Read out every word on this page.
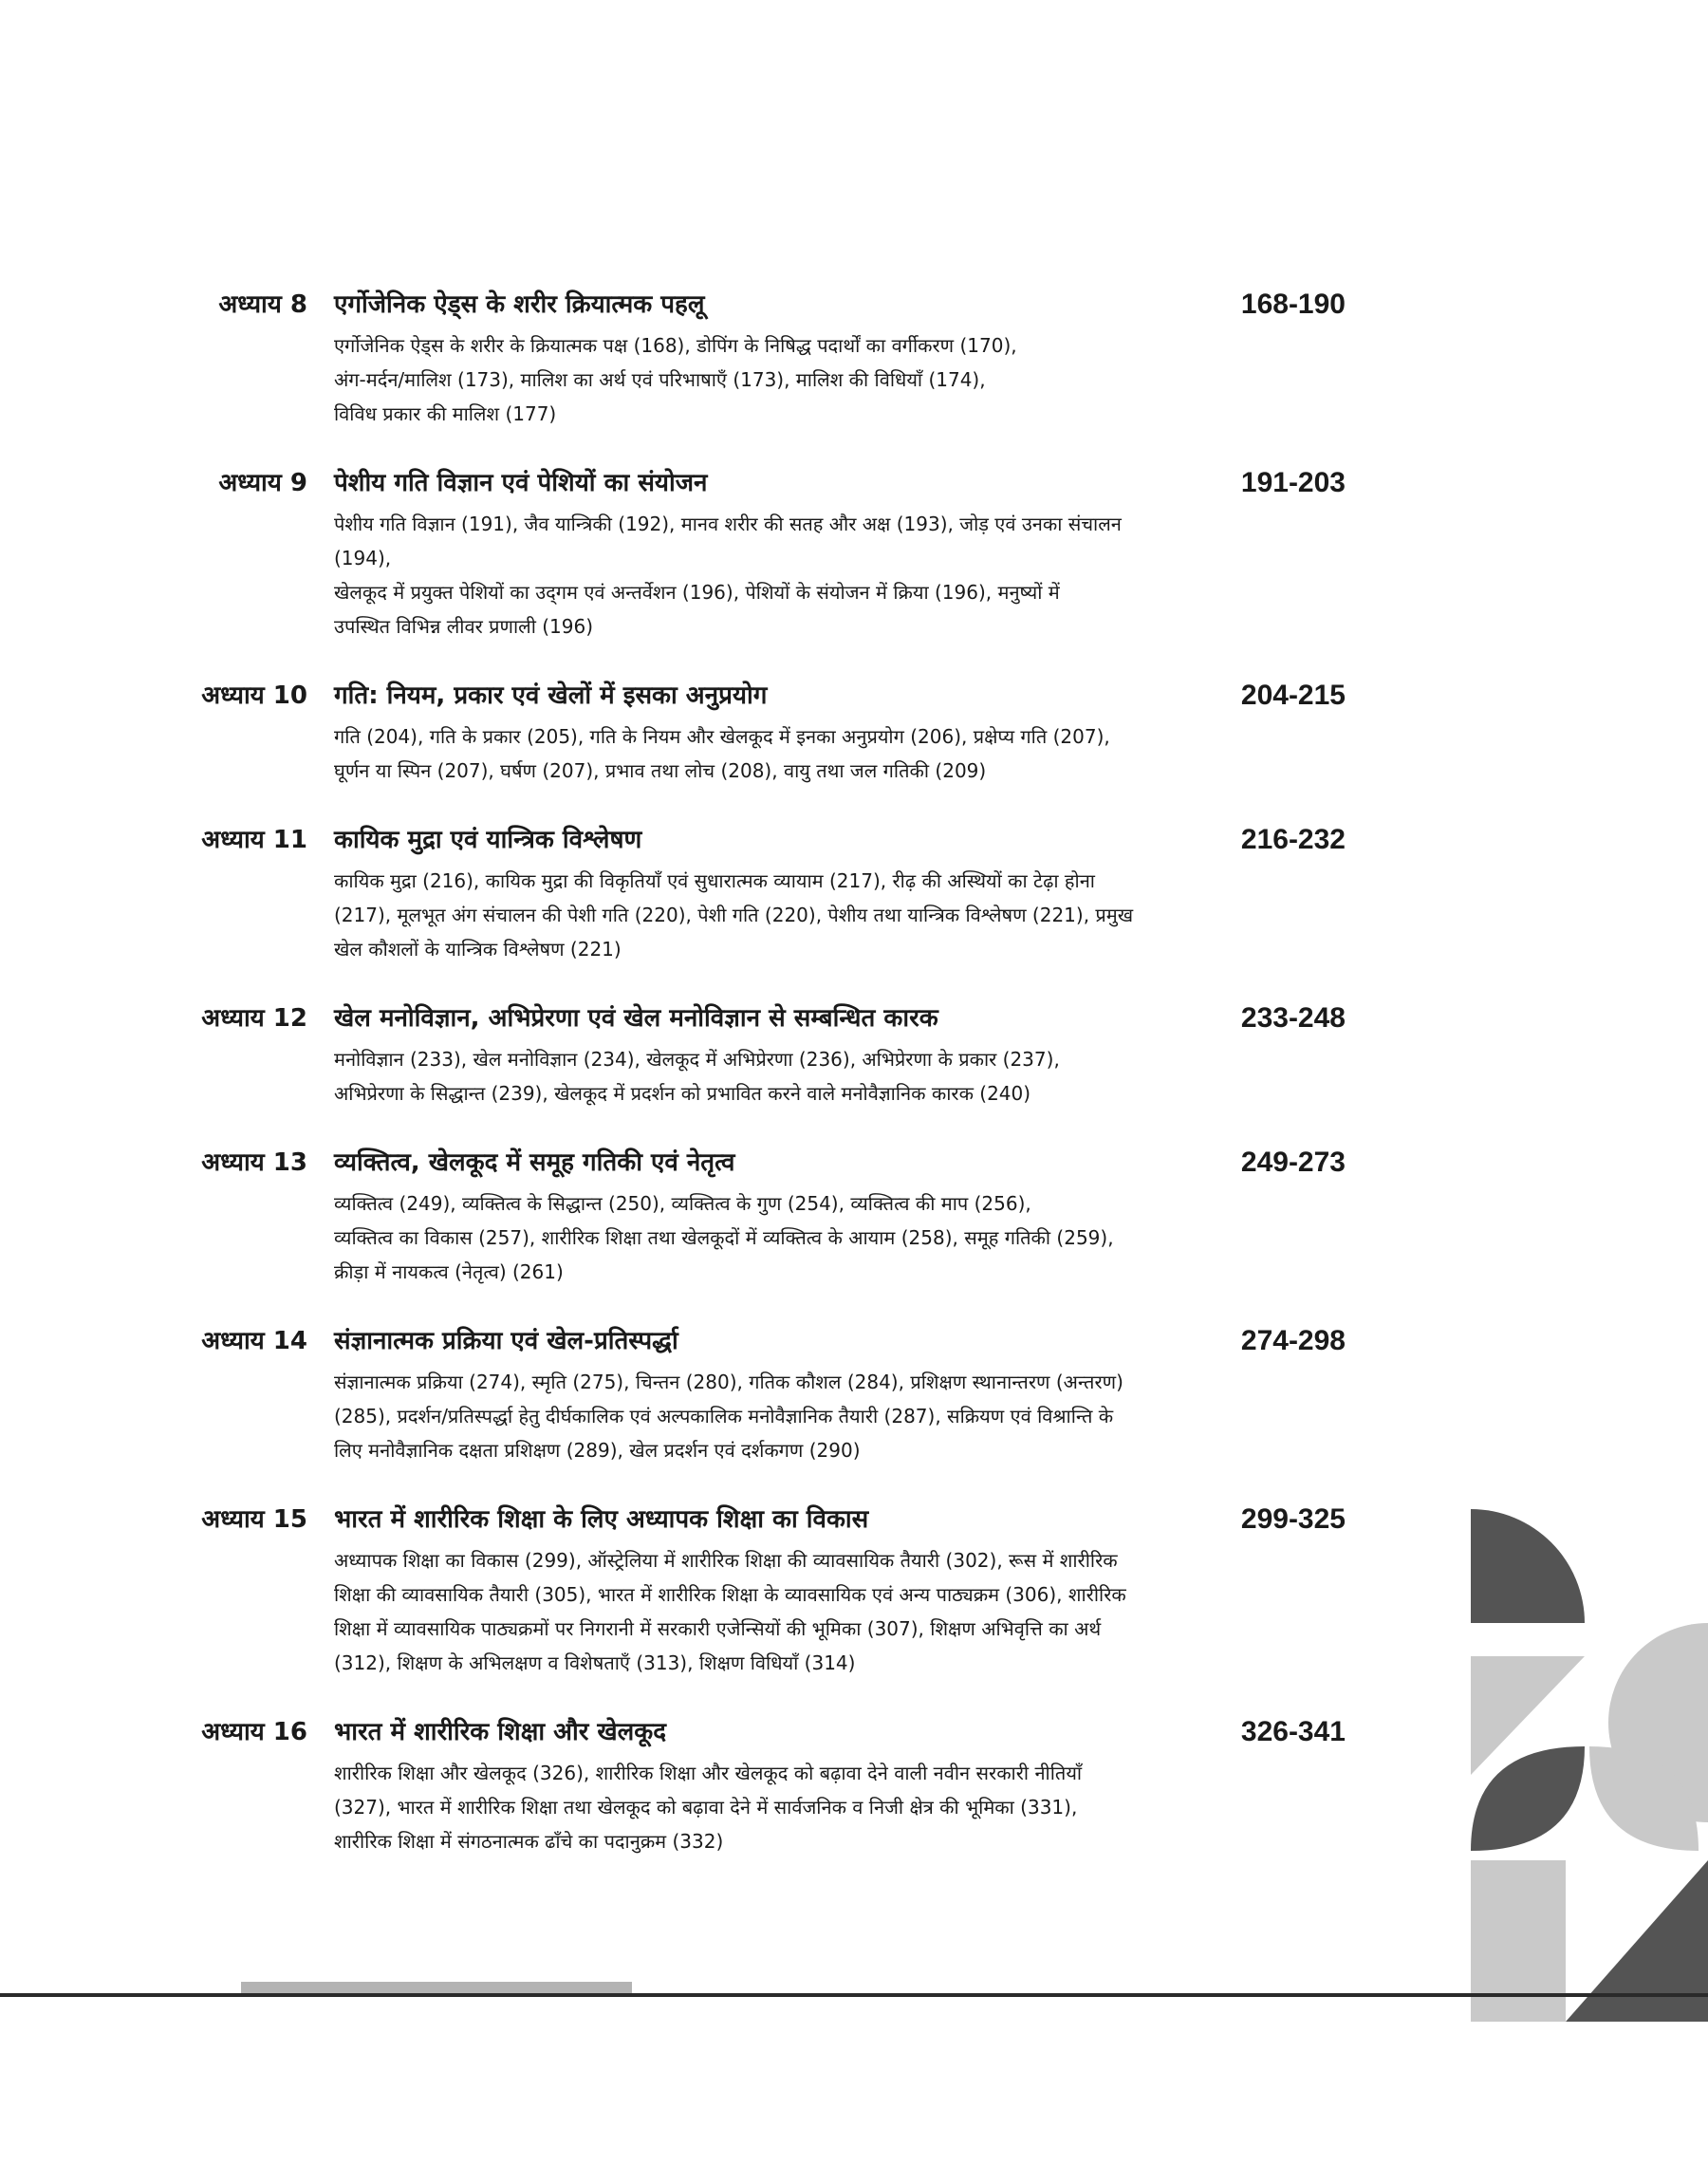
अध्याय 8 एर्गोजेनिक ऐड्स के शरीर क्रियात्मक पहलू	168-190
एर्गोजेनिक ऐड्स के शरीर के क्रियात्मक पक्ष (168), डोपिंग के निषिद्ध पदार्थों का वर्गीकरण (170),
अंग-मर्दन/मालिश (173), मालिश का अर्थ एवं परिभाषाएँ (173), मालिश की विधियाँ (174),
विविध प्रकार की मालिश (177)
अध्याय 9 पेशीय गति विज्ञान एवं पेशियों का संयोजन	191-203
पेशीय गति विज्ञान (191), जैव यान्त्रिकी (192), मानव शरीर की सतह और अक्ष (193), जोड़ एवं उनका संचालन
(194),
खेलकूद में प्रयुक्त पेशियों का उद्‌गम एवं अन्तर्वेशन (196), पेशियों के संयोजन में क्रिया (196), मनुष्यों में
उपस्थित विभिन्न लीवर प्रणाली (196)
अध्याय 10 गति: नियम, प्रकार एवं खेलों में इसका अनुप्रयोग	204-215
गति (204), गति के प्रकार (205), गति के नियम और खेलकूद में इनका अनुप्रयोग (206), प्रक्षेप्य गति (207),
घूर्णन या स्पिन (207), घर्षण (207), प्रभाव तथा लोच (208), वायु तथा जल गतिकी (209)
अध्याय 11 कायिक मुद्रा एवं यान्त्रिक विश्लेषण	216-232
कायिक मुद्रा (216), कायिक मुद्रा की विकृतियाँ एवं सुधारात्मक व्यायाम (217), रीढ़ की अस्थियों का टेढ़ा होना
(217), मूलभूत अंग संचालन की पेशी गति (220), पेशी गति (220), पेशीय तथा यान्त्रिक विश्लेषण (221), प्रमुख
खेल कौशलों के यान्त्रिक विश्लेषण (221)
अध्याय 12 खेल मनोविज्ञान, अभिप्रेरणा एवं खेल मनोविज्ञान से सम्बन्धित कारक	233-248
मनोविज्ञान (233), खेल मनोविज्ञान (234), खेलकूद में अभिप्रेरणा (236), अभिप्रेरणा के प्रकार (237),
अभिप्रेरणा के सिद्धान्त (239), खेलकूद में प्रदर्शन को प्रभावित करने वाले मनोवैज्ञानिक कारक (240)
अध्याय 13 व्यक्तित्व, खेलकूद में समूह गतिकी एवं नेतृत्व	249-273
व्यक्तित्व (249), व्यक्तित्व के सिद्धान्त (250), व्यक्तित्व के गुण (254), व्यक्तित्व की माप (256),
व्यक्तित्व का विकास (257), शारीरिक शिक्षा तथा खेलकूदों में व्यक्तित्व के आयाम (258), समूह गतिकी (259),
क्रीड़ा में नायकत्व (नेतृत्व) (261)
अध्याय 14 संज्ञानात्मक प्रक्रिया एवं खेल-प्रतिस्पर्द्धा	274-298
संज्ञानात्मक प्रक्रिया (274), स्मृति (275), चिन्तन (280), गतिक कौशल (284), प्रशिक्षण स्थानान्तरण (अन्तरण)
(285), प्रदर्शन/प्रतिस्पर्द्धा हेतु दीर्घकालिक एवं अल्पकालिक मनोवैज्ञानिक तैयारी (287), सक्रियण एवं विश्रान्ति के
लिए मनोवैज्ञानिक दक्षता प्रशिक्षण (289), खेल प्रदर्शन एवं दर्शकगण (290)
अध्याय 15 भारत में शारीरिक शिक्षा के लिए अध्यापक शिक्षा का विकास	299-325
अध्यापक शिक्षा का विकास (299), ऑस्ट्रेलिया में शारीरिक शिक्षा की व्यावसायिक तैयारी (302), रूस में शारीरिक
शिक्षा की व्यावसायिक तैयारी (305), भारत में शारीरिक शिक्षा के व्यावसायिक एवं अन्य पाठ्यक्रम (306), शारीरिक
शिक्षा में व्यावसायिक पाठ्यक्रमों पर निगरानी में सरकारी एजेन्सियों की भूमिका (307), शिक्षण अभिवृत्ति का अर्थ
(312), शिक्षण के अभिलक्षण व विशेषताएँ (313), शिक्षण विधियाँ (314)
अध्याय 16 भारत में शारीरिक शिक्षा और खेलकूद	326-341
शारीरिक शिक्षा और खेलकूद (326), शारीरिक शिक्षा और खेलकूद को बढ़ावा देने वाली नवीन सरकारी नीतियाँ
(327), भारत में शारीरिक शिक्षा तथा खेलकूद को बढ़ावा देने में सार्वजनिक व निजी क्षेत्र की भूमिका (331),
शारीरिक शिक्षा में संगठनात्मक ढाँचे का पदानुक्रम (332)
